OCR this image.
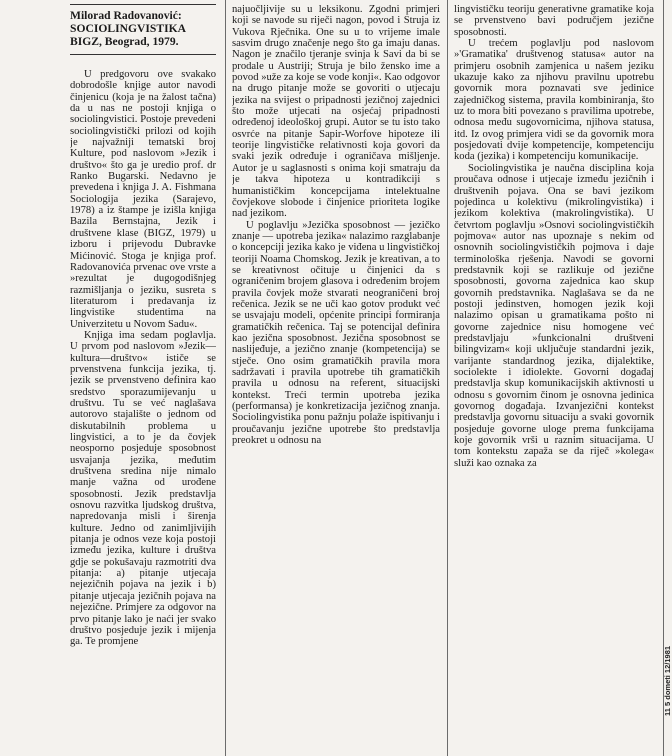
Milorad Radovanović:
SOCIOLINGVISTIKA
BIGZ, Beograd, 1979.

U predgovoru ove svakako dobrodošle knjige autor navodi činjenicu (koja je na žalost tačna) da u nas ne postoji knjiga o sociolingvistici. Postoje prevedeni sociolingvistički prilozi od kojih je najvažniji tematski broj Kulture, pod naslovom »Jezik i društvo« što ga je uredio prof. dr Ranko Bugarski. Nedavno je prevedena i knjiga J. A. Fishmana Sociologija jezika (Sarajevo, 1978) a iz štampe je izišla knjiga Bazila Bernstajna, Jezik i društvene klase (BIGZ, 1979) u izboru i prijevodu Dubravke Mićinović. Stoga je knjiga prof. Radovanovića prvenac ove vrste a »rezultat je dugogodišnjeg razmišljanja o jeziku, susreta s literaturom i predavanja iz lingvistike studentima na Univerzitetu u Novom Sadu«.

Knjiga ima sedam poglavlja. U prvom pod naslovom »Jezik—kultura—društvo« ističe se prvenstvena funkcija jezika, tj. jezik se prvenstveno definira kao sredstvo sporazumijevanju u društvu. Tu se već naglašava autorovo stajalište o jednom od diskutabilnih problema u lingvistici, a to je da čovjek neosporno posjeduje sposobnost usvajanja jezika, međutim društvena sredina nije nimalo manje važna od urođene sposobnosti. Jezik predstavlja osnovu razvitka ljudskog društva, napredovanja misli i širenja kulture. Jedno od zanimljivijih pitanja je odnos veze koja postoji između jezika, kulture i društva gdje se pokušavaju razmotriti dva pitanja: a) pitanje utjecaja nejezičnih pojava na jezik i b) pitanje utjecaja jezičnih pojava na nejezične. Primjere za odgovor na prvo pitanje lako je naći jer svako društvo posjeduje jezik i mijenja ga. Te promjene

najuočljivije su u leksikonu. Zgodni primjeri koji se navode su riječi nagon, povod i Struja iz Vukova Rječnika. One su u to vrijeme imale sasvim drugo značenje nego što ga imaju danas. Nagon je značilo tjeranje svinja k Savi da bi se prodale u Austriji; Struja je bilo žensko ime a povod »uže za koje se vode konji«. Kao odgovor na drugo pitanje može se govoriti o utjecaju jezika na svijest o pripadnosti jezičnoj zajednici što može utjecati na osjećaj pripadnosti određenoj ideološkoj grupi. Autor se tu isto tako osvrće na pitanje Sapir-Worfove hipoteze ili teorije lingvističke relativnosti koja govori da svaki jezik određuje i ograničava mišljenje. Autor je u saglasnosti s onima koji smatraju da je takva hipoteza u kontradikciji s humanističkim koncepcijama intelektualne čovjekove slobode i činjenice prioriteta logike nad jezikom.

U poglavlju »Jezička sposobnost — jezičko znanje — upotreba jezika« nalazimo razglabanje o koncepciji jezika kako je viđena u lingvističkoj teoriji Noama Chomskog. Jezik je kreativan, a to se kreativnost očituje u činjenici da s ograničenim brojem glasova i određenim brojem pravila čovjek može stvarati neograničeni broj rečenica. Jezik se ne uči kao gotov produkt već se usvajaju modeli, općenite principi formiranja gramatičkih rečenica. Taj se potencijal definira kao jezična sposobnost. Jezična sposobnost se naslijeđuje, a jezično znanje (kompetencija) se stječe. Ono osim gramatičkih pravila mora sadržavati i pravila upotrebe tih gramatičkih pravila u odnosu na referent, situacijski kontekst. Treći termin upotreba jezika (performansa) je konkretizacija jezičnog znanja. Sociolingvistika ponu pažnju polaže ispitivanju i proučavanju jezične upotrebe što predstavlja preokret u odnosu na

lingvističku teoriju generativne gramatike koja se prvenstveno bavi područjem jezične sposobnosti.

U trećem poglavlju pod naslovom »'Gramatika' društvenog statusa« autor na primjeru osobnih zamjenica u našem jeziku ukazuje kako za njihovu pravilnu upotrebu govornik mora poznavati sve jedinice zajedničkog sistema, pravila kombiniranja, što uz to mora biti povezano s pravilima upotrebe, odnosa među sugovornicima, njihova statusa, itd. Iz ovog primjera vidi se da govornik mora posjedovati dvije kompetencije, kompetenciju koda (jezika) i kompetenciju komunikacije.

Sociolingvistika je naučna disciplina koja proučava odnose i utjecaje između jezičnih i društvenih pojava. Ona se bavi jezikom pojedinca u kolektivu (mikrolingvistika) i jezikom kolektiva (makrolingvistika). U četvrtom poglavlju »Osnovi sociolingvističkih pojmova« autor nas upoznaje s nekim od osnovnih sociolingvističkih pojmova i daje terminološka rješenja. Navodi se govorni predstavnik koji se razlikuje od jezične sposobnosti, govorna zajednica kao skup govornih predstavnika. Naglašava se da ne postoji jedinstven, homogen jezik koji nalazimo opisan u gramatikama pošto ni govorne zajednice nisu homogene već predstavljaju »funkcionalni društveni bilingvizam« koji uključuje standardni jezik, varijante standardnog jezika, dijalektike, sociolekte i idiolekte. Govorni događaj predstavlja skup komunikacijskih aktivnosti u odnosu s govornim činom je osnovna jedinica govornog događaja. Izvanjezični kontekst predstavlja govornu situaciju a svaki govornik posjeduje govorne uloge prema funkcijama koje govornik vrši u raznim situacijama. U tom kontekstu zapaža se da riječ »kolega« služi kao oznaka za

11 5 dometi 12/1981
